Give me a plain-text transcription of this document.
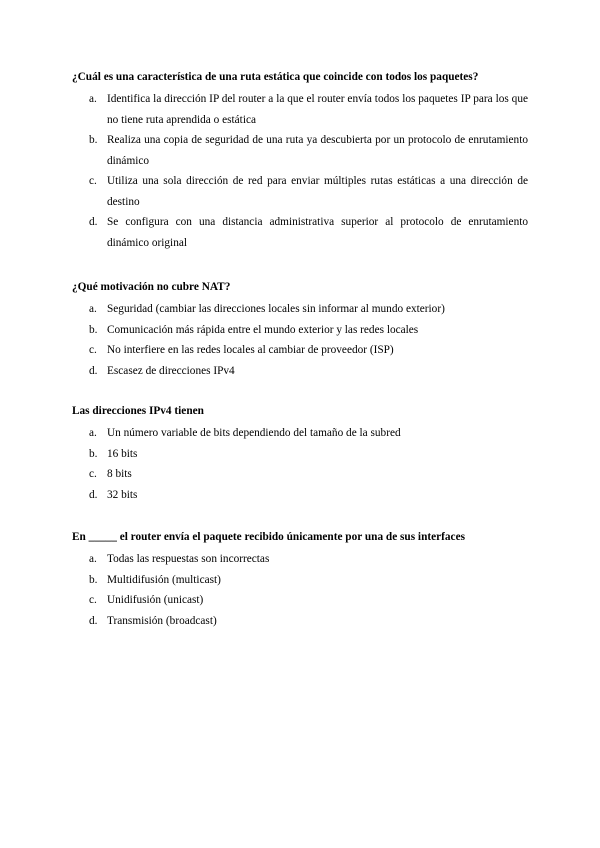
¿Cuál es una característica de una ruta estática que coincide con todos los paquetes?
a. Identifica la dirección IP del router a la que el router envía todos los paquetes IP para los que no tiene ruta aprendida o estática
b. Realiza una copia de seguridad de una ruta ya descubierta por un protocolo de enrutamiento dinámico
c. Utiliza una sola dirección de red para enviar múltiples rutas estáticas a una dirección de destino
d. Se configura con una distancia administrativa superior al protocolo de enrutamiento dinámico original
¿Qué motivación no cubre NAT?
a. Seguridad (cambiar las direcciones locales sin informar al mundo exterior)
b. Comunicación más rápida entre el mundo exterior y las redes locales
c. No interfiere en las redes locales al cambiar de proveedor (ISP)
d. Escasez de direcciones IPv4
Las direcciones IPv4 tienen
a. Un número variable de bits dependiendo del tamaño de la subred
b. 16 bits
c. 8 bits
d. 32 bits
En _____ el router envía el paquete recibido únicamente por una de sus interfaces
a. Todas las respuestas son incorrectas
b. Multidifusión (multicast)
c. Unidifusión (unicast)
d. Transmisión (broadcast)
